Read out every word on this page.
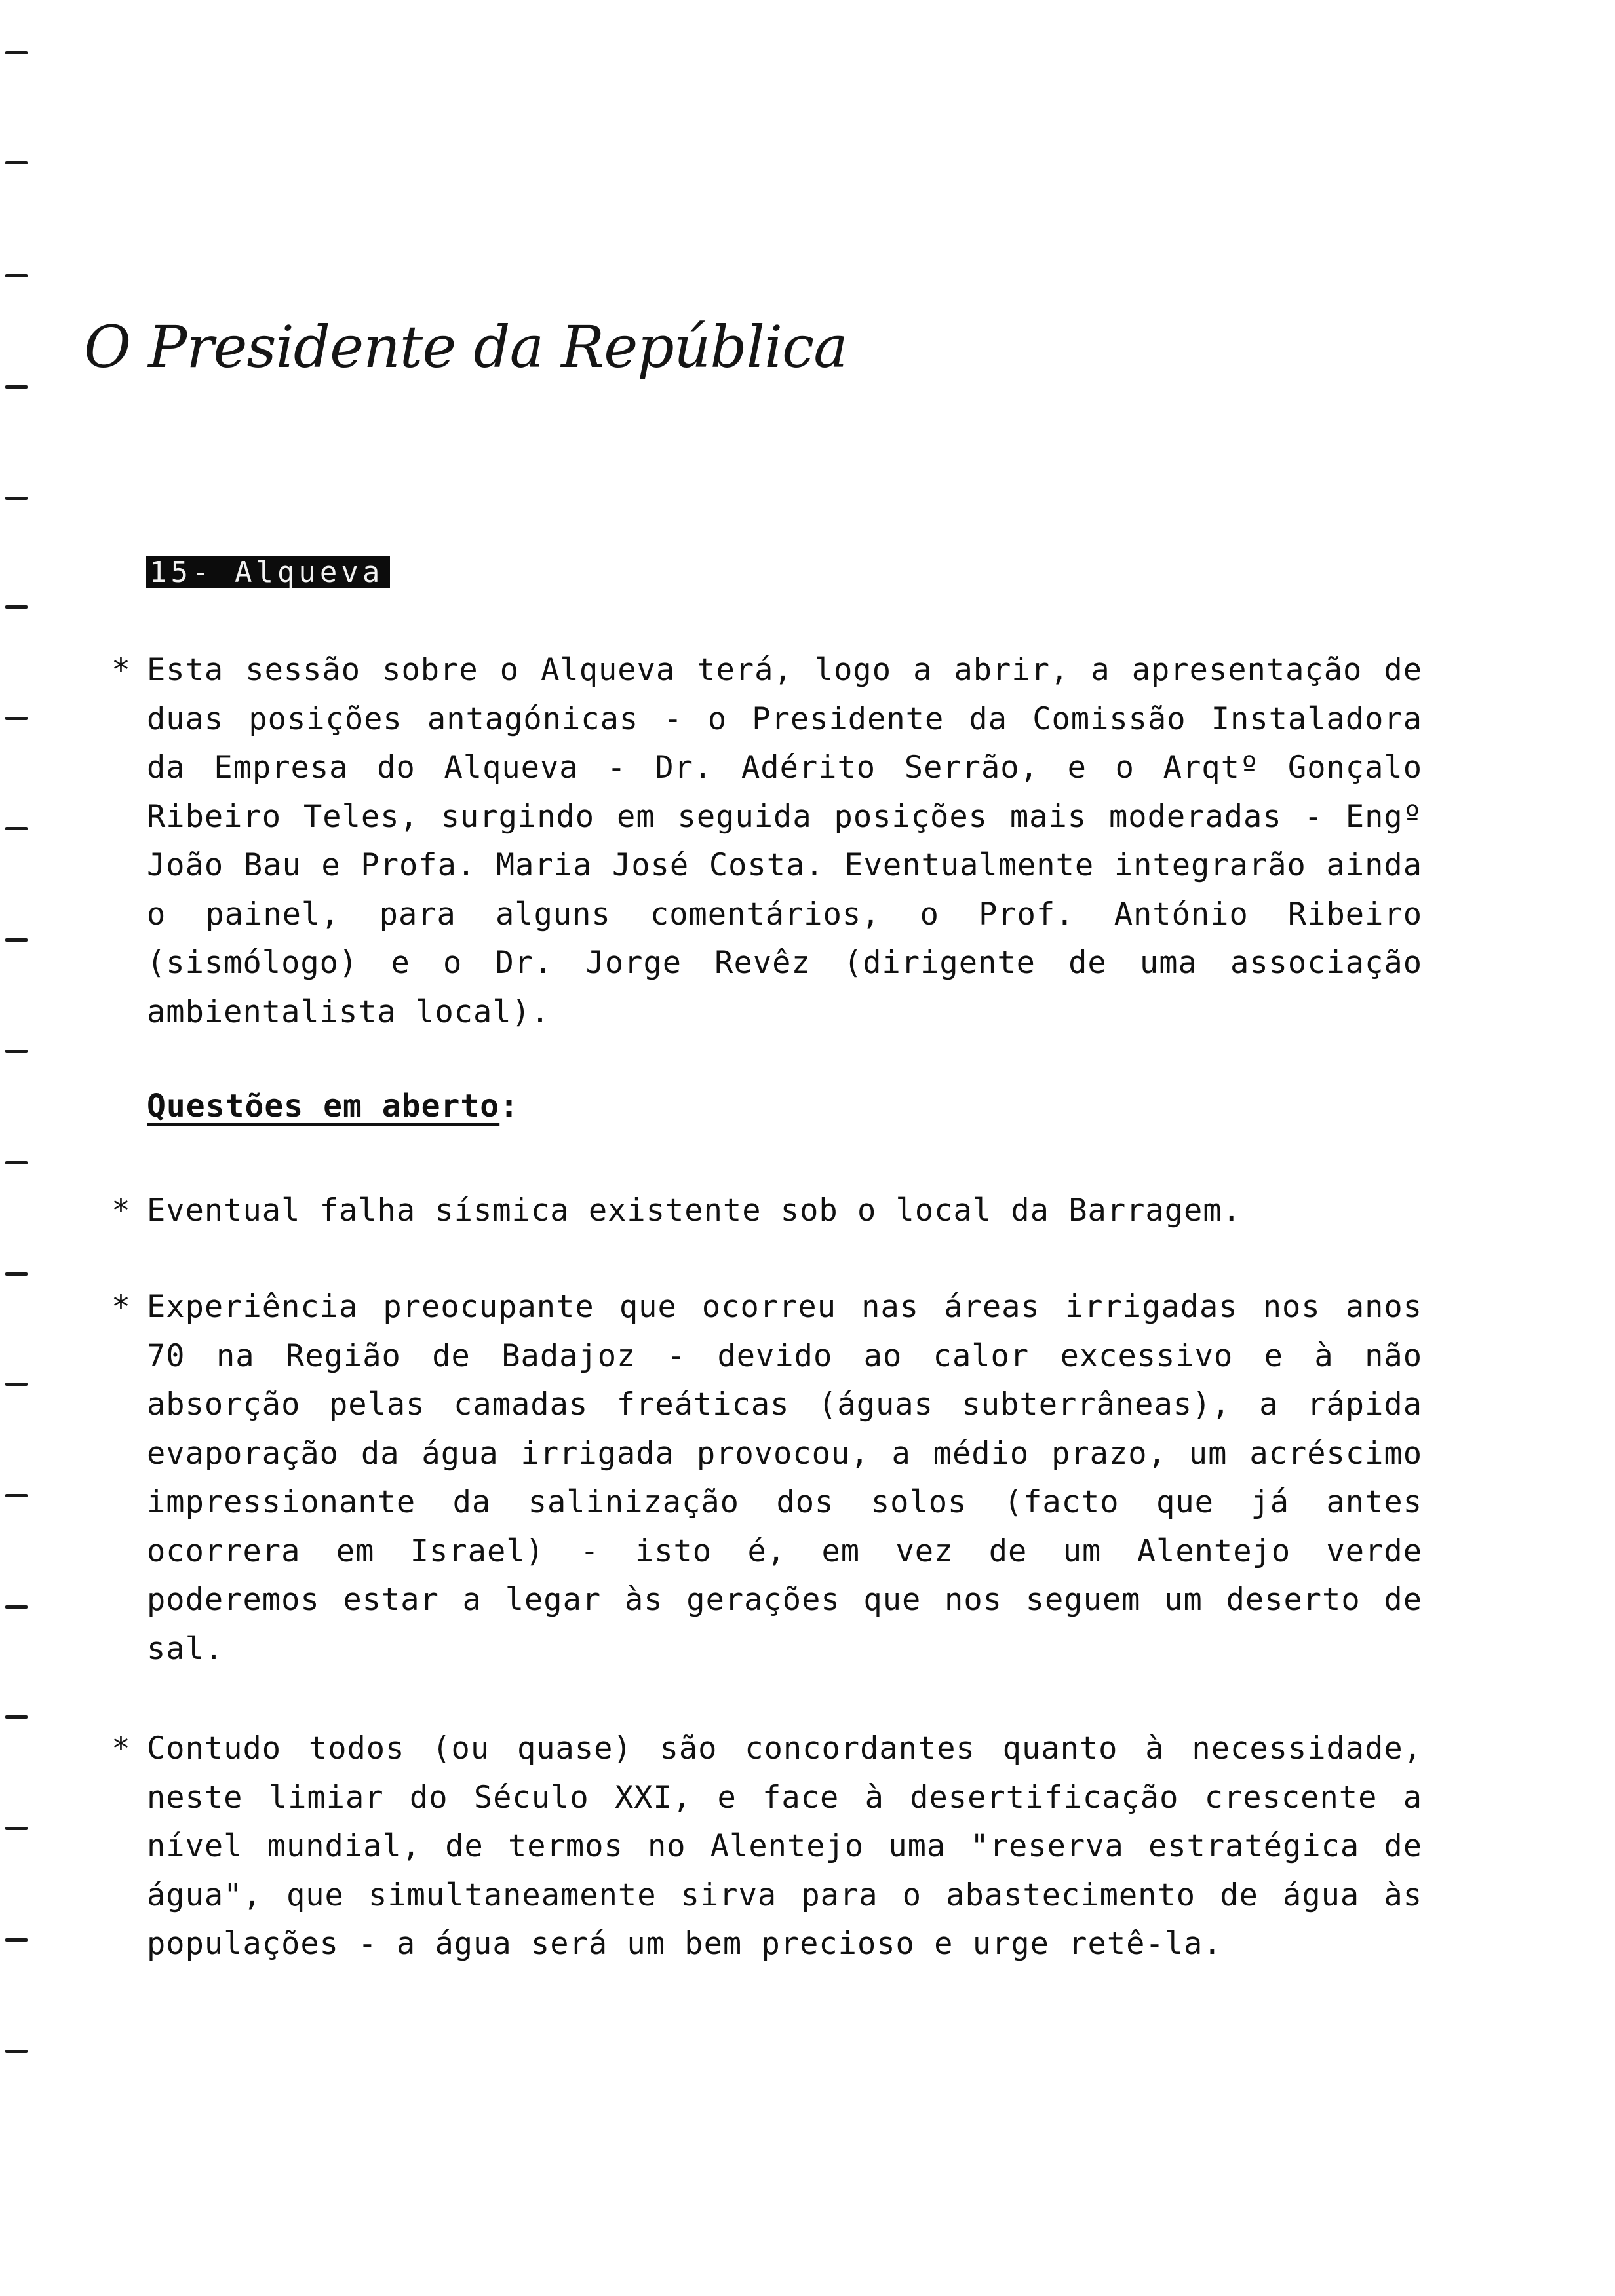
O Presidente da República
15- Alqueva
* Esta sessão sobre o Alqueva terá, logo a abrir, a apresentação de duas posições antagónicas - o Presidente da Comissão Instaladora da Empresa do Alqueva - Dr. Adérito Serrão, e o Arqtº Gonçalo Ribeiro Teles, surgindo em seguida posições mais moderadas - Engº João Bau e Profa. Maria José Costa. Eventualmente integrarão ainda o painel, para alguns comentários, o Prof. António Ribeiro (sismólogo) e o Dr. Jorge Revêz (dirigente de uma associação ambientalista local).
Questões em aberto:
* Eventual falha sísmica existente sob o local da Barragem.
* Experiência preocupante que ocorreu nas áreas irrigadas nos anos 70 na Região de Badajoz - devido ao calor excessivo e à não absorção pelas camadas freáticas (águas subterrâneas), a rápida evaporação da água irrigada provocou, a médio prazo, um acréscimo impressionante da salinização dos solos (facto que já antes ocorrera em Israel) - isto é, em vez de um Alentejo verde poderemos estar a legar às gerações que nos seguem um deserto de sal.
* Contudo todos (ou quase) são concordantes quanto à necessidade, neste limiar do Século XXI, e face à desertificação crescente a nível mundial, de termos no Alentejo uma "reserva estratégica de água", que simultaneamente sirva para o abastecimento de água às populações - a água será um bem precioso e urge retê-la.
